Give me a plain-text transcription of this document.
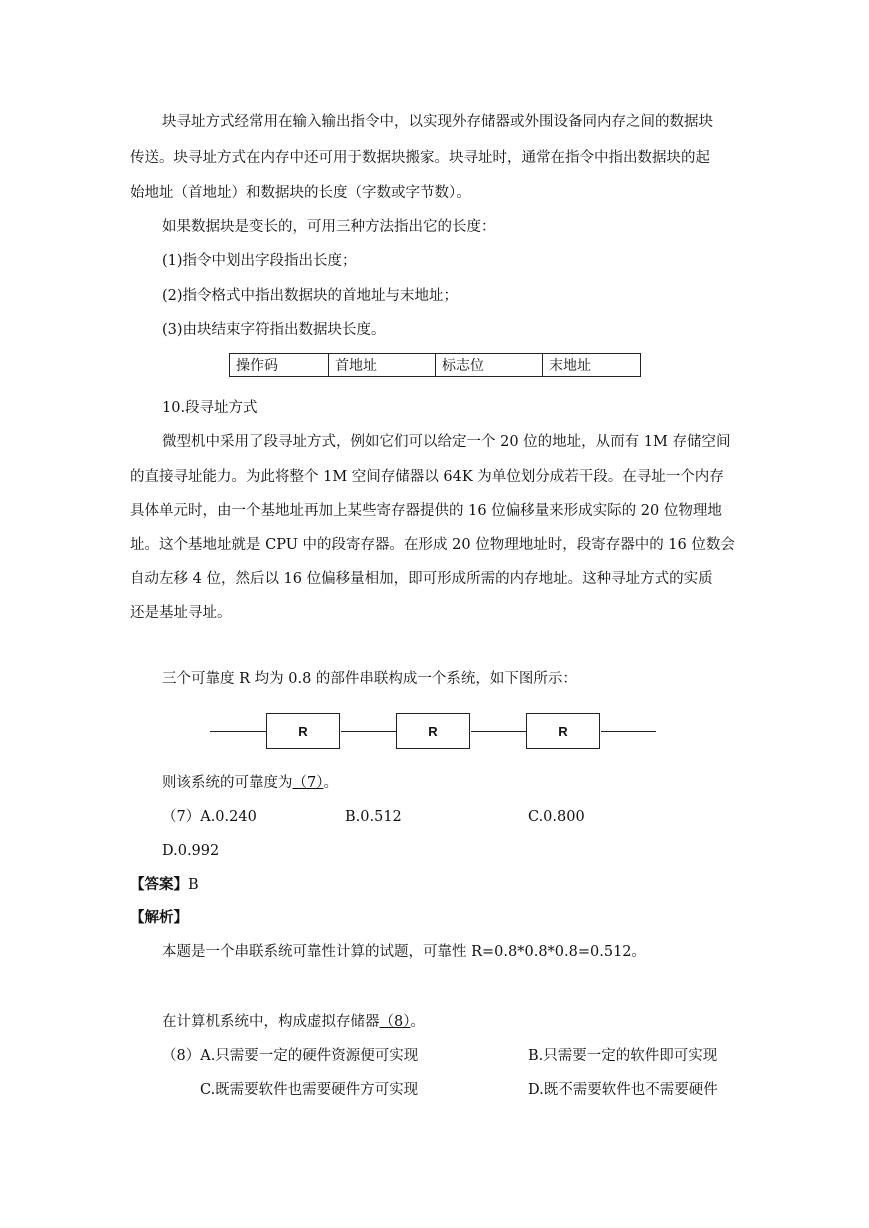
块寻址方式经常用在输入输出指令中，以实现外存储器或外围设备同内存之间的数据块
传送。块寻址方式在内存中还可用于数据块搬家。块寻址时，通常在指令中指出数据块的起
始地址（首地址）和数据块的长度（字数或字节数）。
如果数据块是变长的，可用三种方法指出它的长度：
(1)指令中划出字段指出长度；
(2)指令格式中指出数据块的首地址与末地址；
(3)由块结束字符指出数据块长度。
操作码	首地址	标志位	末地址
10.段寻址方式
微型机中采用了段寻址方式，例如它们可以给定一个 20 位的地址，从而有 1M 存储空间
的直接寻址能力。为此将整个 1M 空间存储器以 64K 为单位划分成若干段。在寻址一个内存
具体单元时，由一个基地址再加上某些寄存器提供的 16 位偏移量来形成实际的 20 位物理地
址。这个基地址就是 CPU 中的段寄存器。在形成 20 位物理地址时，段寄存器中的 16 位数会
自动左移 4 位，然后以 16 位偏移量相加，即可形成所需的内存地址。这种寻址方式的实质
还是基址寻址。
三个可靠度 R 均为 0.8 的部件串联构成一个系统，如下图所示：
R	R	R
则该系统的可靠度为（7）。
（7）A.0.240	B.0.512	C.0.800
D.0.992
【答案】B
【解析】
本题是一个串联系统可靠性计算的试题，可靠性 R=0.8*0.8*0.8=0.512。
在计算机系统中，构成虚拟存储器（8）。
（8）A.只需要一定的硬件资源便可实现	B.只需要一定的软件即可实现
C.既需要软件也需要硬件方可实现	D.既不需要软件也不需要硬件
